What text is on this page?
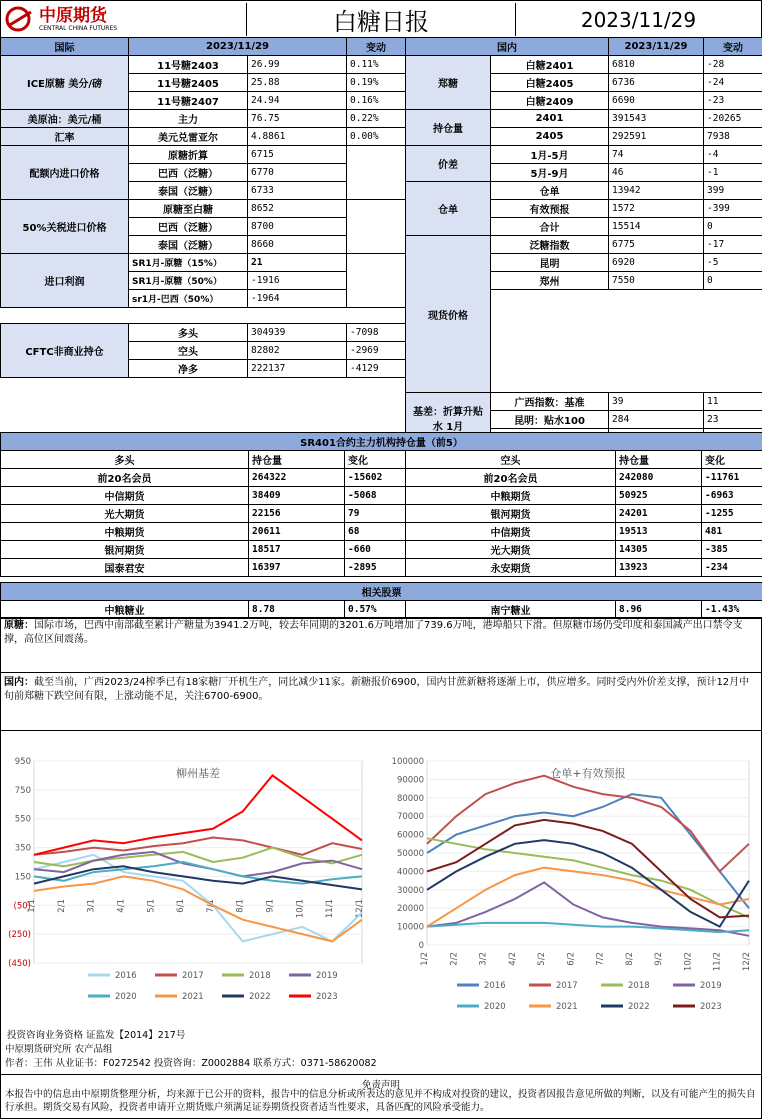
中原期货
CENTRAL CHINA FUTURES	白糖日报	2023/11/29
国际	2023/11/29		变动
ICE原糖 美分/磅	11号糖2403	26.99	0.11%
	11号糖2405	25.88	0.19%
	11号糖2407	24.94	0.16%
美原油：美元/桶	主力	76.75	0.22%
汇率	美元兑雷亚尔	4.8861	0.00%
配额内进口价格	原糖折算	6715	
	巴西（泛糖）	6770	
	泰国（泛糖）	6733	
50%关税进口价格	原糖至白糖	8652	
	巴西（泛糖）	8700	
	泰国（泛糖）	8660	
进口利润	SR1月-原糖（15%）	21	
	SR1月-原糖（50%）	-1916	
	sr1月-巴西（50%）	-1964	

CFTC非商业持仓	多头	304939	-7098
	空头	82802	-2969
	净多	222137	-4129
国内		2023/11/29	变动
郑糖	白糖2401	6810	-28
	白糖2405	6736	-24
	白糖2409	6690	-23
持仓量	2401	391543	-20265
	2405	292591	7938
价差	1月-5月	74	-4
	5月-9月	46	-1
仓单	仓单	13942	399
	有效预报	1572	-399
	合计	15514	0
现货价格	泛糖指数	6775	-17
	昆明	6920	-5
	郑州	7550	0

基差：折算升贴水 1月	广西指数：基准	39	11
	昆明：贴水100	284	23
	郑州：升水140	674	28
SR401合约主力机构持仓量（前5）					
多头	持仓量	变化	空头	持仓量	变化
前20名会员	264322	-15602	前20名会员	242080	-11761
中信期货	38409	-5068	中粮期货	50925	-6963
光大期货	22156	79	银河期货	24201	-1255
中粮期货	20611	68	中信期货	19513	481
银河期货	18517	-660	光大期货	14305	-385
国泰君安	16397	-2895	永安期货	13923	-234
相关股票
中粮糖业	8.78	0.57%	南宁糖业	8.96	-1.43%
原糖：国际市场，巴西中南部截至累计产糖量为3941.2万吨，较去年同期的3201.6万吨增加了739.6万吨，港埠船只下滑。但原糖市场仍受印度和泰国减产出口禁令支撑，高位区间震荡。
国内：截至当前，广西2023/24榨季已有18家糖厂开机生产，同比减少11家。新糖报价6900，国内甘蔗新糖将逐渐上市，供应增多。同时受内外价差支撑，预计12月中旬前郑糖下跌空间有限，上涨动能不足，关注6700-6900。
柳州基差
950
750
550
350
150
(50)
(250)
(450)
1/1 2/1 3/1 4/1 5/1 6/1 7/1 8/1 9/1 10/1 11/1 12/1
2016	2017	2018	2019
2020	2021	2022	2023
仓单+有效预报
100000
90000
80000
70000
60000
50000
40000
30000
20000
10000
0
1/2 2/2 3/2 4/2 5/2 6/2 7/2 8/2 9/2 10/2 11/2 12/2
2016	2017	2018	2019
2020	2021	2022	2023
投资咨询业务资格 证监发【2014】217号
中原期货研究所 农产品组
作者：王伟 从业证书：F0272542 投资咨询：Z0002884 联系方式：0371-58620082
免责声明
本报告中的信息由中原期货整理分析，均来源于已公开的资料，报告中的信息分析或所表达的意见并不构成对投资的建议，投资者因报告意见所做的判断，以及有可能产生的损失自行承担。期货交易有风险，投资者申请开立期货账户须满足证券期货投资者适当性要求，具备匹配的风险承受能力。
